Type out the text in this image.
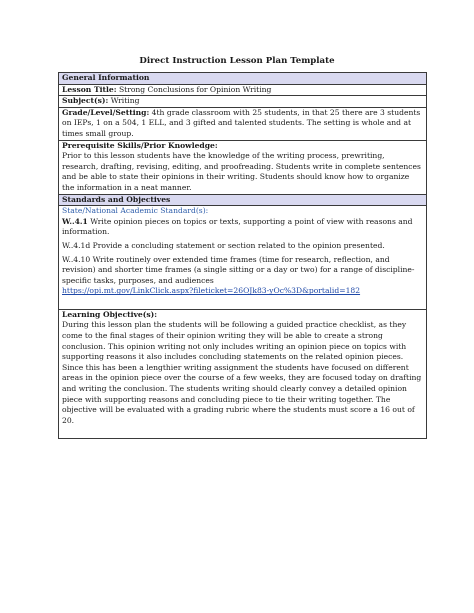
Direct Instruction Lesson Plan Template
General Information
Lesson Title: Strong Conclusions for Opinion Writing
Subject(s): Writing
Grade/Level/Setting: 4th grade classroom with 25 students, in that 25 there are 3 students on IEPs, 1 on a 504, 1 ELL, and 3 gifted and talented students. The setting is whole and at times small group.

Prerequisite Skills/Prior Knowledge:

Prior to this lesson students have the knowledge of the writing process, prewriting, research, drafting, revising, editing, and proofreading. Students write in complete sentences and be able to state their opinions in their writing. Students should know how to organize the information in a neat manner.

Standards and Objectives

State/National Academic Standard(s):

W..4.1 Write opinion pieces on topics or texts, supporting a point of view with reasons and information.

W..4.1d Provide a concluding statement or section related to the opinion presented.

W..4.10 Write routinely over extended time frames (time for research, reflection, and revision) and shorter time frames (a single sitting or a day or two) for a range of discipline-specific tasks, purposes, and audiences

https://opi.mt.gov/LinkClick.aspx?fileticket=26OJk83-yOc%3D&portalid=182

Learning Objective(s):

During this lesson plan the students will be following a guided practice checklist, as they come to the final stages of their opinion writing they will be able to create a strong conclusion. This opinion writing not only includes writing an opinion piece on topics with supporting reasons it also includes concluding statements on the related opinion pieces. Since this has been a lengthier writing assignment the students have focused on different areas in the opinion piece over the course of a few weeks, they are focused today on drafting and writing the conclusion. The students writing should clearly convey a detailed opinion piece with supporting reasons and concluding piece to tie their writing together. The objective will be evaluated with a grading rubric where the students must score a 16 out of 20.
